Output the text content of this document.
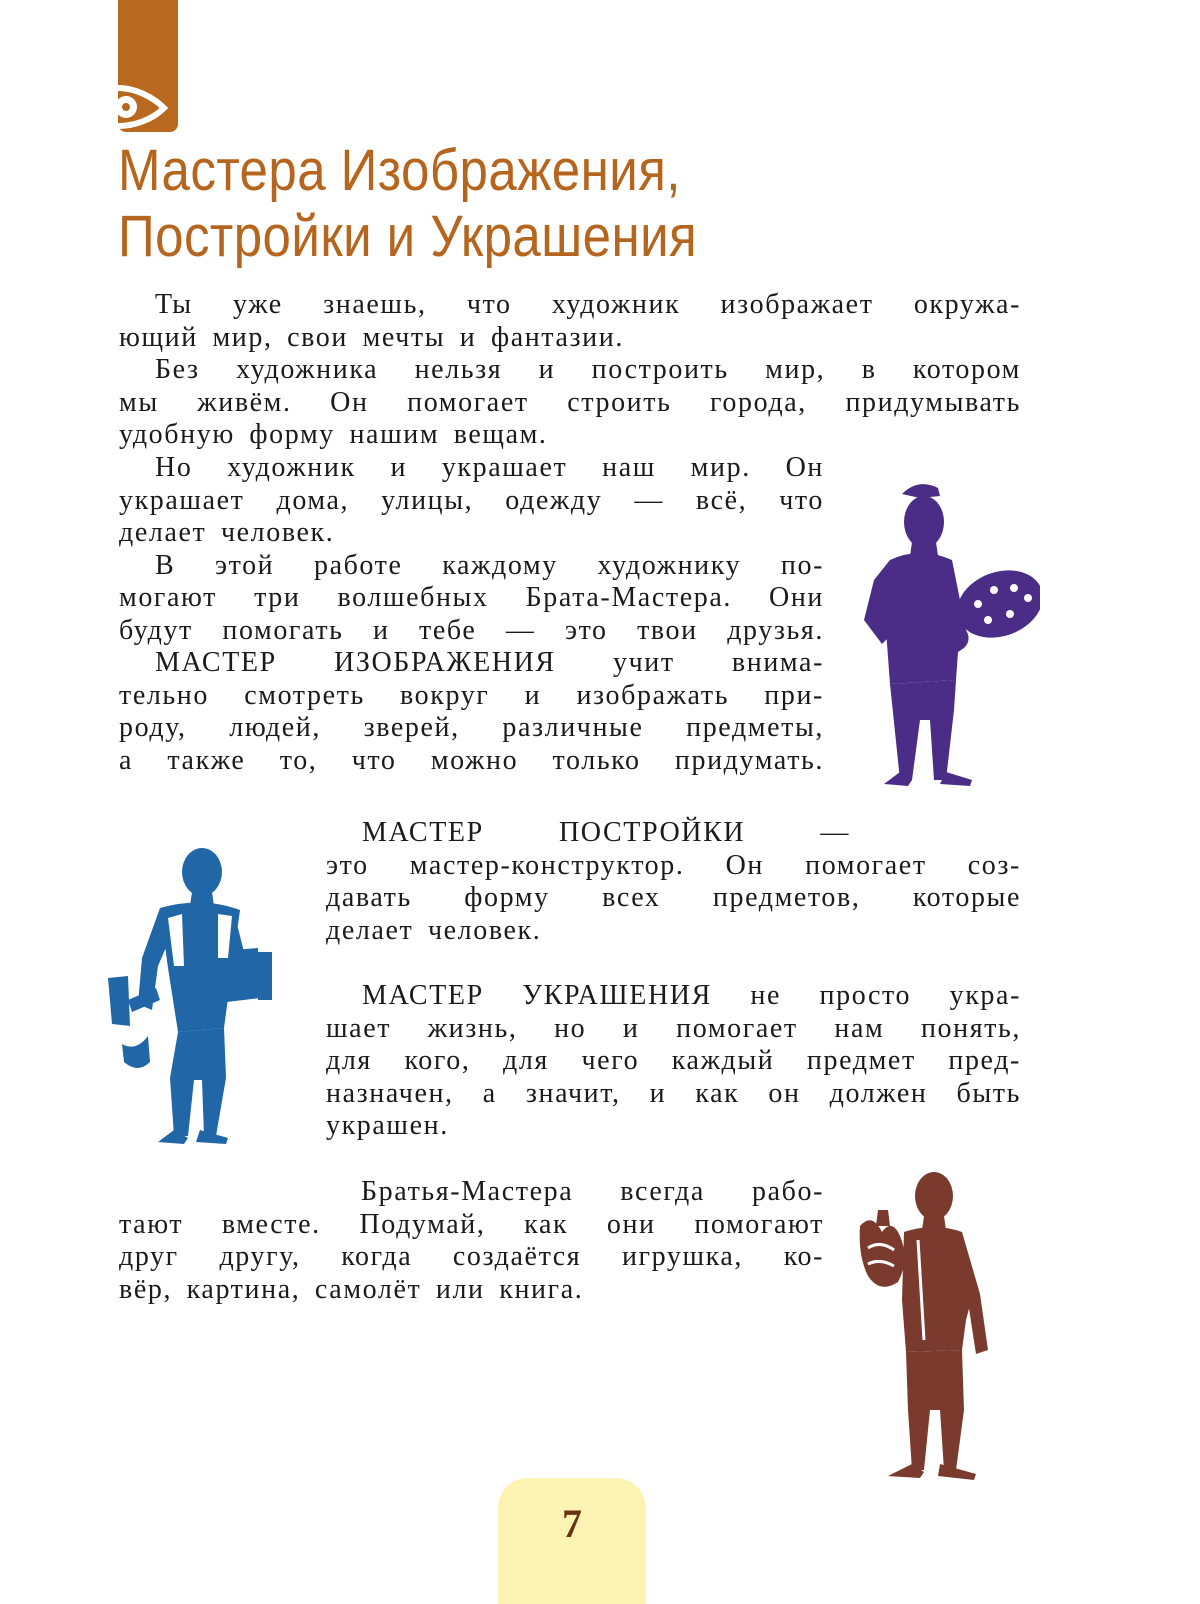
Мастера Изображения,
Постройки и Украшения
Ты уже знаешь, что художник изображает окружа-
ющий мир, свои мечты и фантазии.
Без художника нельзя и построить мир, в котором
мы живём. Он помогает строить города, придумывать
удобную форму нашим вещам.
Но художник и украшает наш мир. Он
украшает дома, улицы, одежду — всё, что
делает человек.
В этой работе каждому художнику по-
могают три волшебных Брата-Мастера. Они
будут помогать и тебе — это твои друзья.
МАСТЕР ИЗОБРАЖЕНИЯ учит внима-
тельно смотреть вокруг и изображать при-
роду, людей, зверей, различные предметы,
а также то, что можно только придумать.
МАСТЕР ПОСТРОЙКИ —
это мастер-конструктор. Он помогает соз-
давать форму всех предметов, которые
делает человек.
МАСТЕР УКРАШЕНИЯ не просто укра-
шает жизнь, но и помогает нам понять,
для кого, для чего каждый предмет пред-
назначен, а значит, и как он должен быть
украшен.
Братья-Мастера всегда рабо-
тают вместе. Подумай, как они помогают
друг другу, когда создаётся игрушка, ко-
вёр, картина, самолёт или книга.
7
